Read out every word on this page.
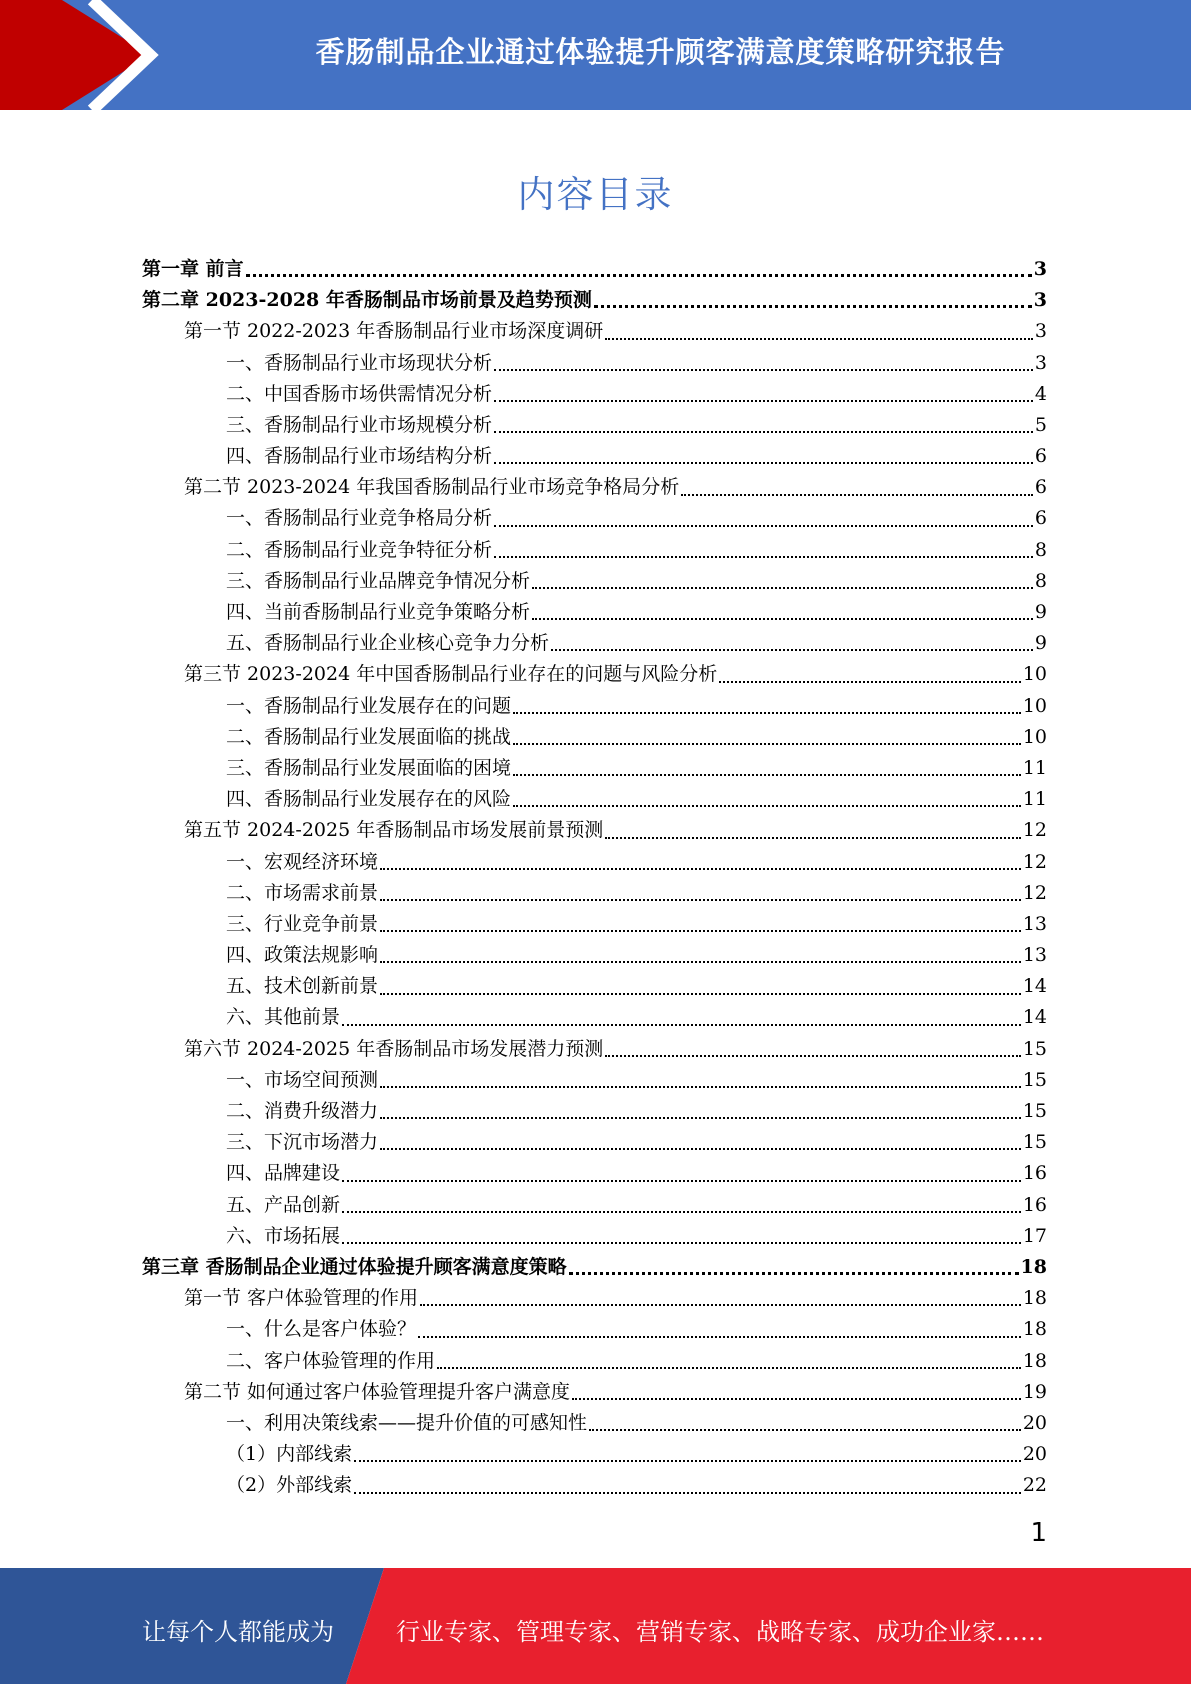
香肠制品企业通过体验提升顾客满意度策略研究报告
内容目录
第一章 前言	3
第二章 2023-2028 年香肠制品市场前景及趋势预测	3
第一节 2022-2023 年香肠制品行业市场深度调研	3
一、香肠制品行业市场现状分析	3
二、中国香肠市场供需情况分析	4
三、香肠制品行业市场规模分析	5
四、香肠制品行业市场结构分析	6
第二节 2023-2024 年我国香肠制品行业市场竞争格局分析	6
一、香肠制品行业竞争格局分析	6
二、香肠制品行业竞争特征分析	8
三、香肠制品行业品牌竞争情况分析	8
四、当前香肠制品行业竞争策略分析	9
五、香肠制品行业企业核心竞争力分析	9
第三节 2023-2024 年中国香肠制品行业存在的问题与风险分析	10
一、香肠制品行业发展存在的问题	10
二、香肠制品行业发展面临的挑战	10
三、香肠制品行业发展面临的困境	11
四、香肠制品行业发展存在的风险	11
第五节 2024-2025 年香肠制品市场发展前景预测	12
一、宏观经济环境	12
二、市场需求前景	12
三、行业竞争前景	13
四、政策法规影响	13
五、技术创新前景	14
六、其他前景	14
第六节 2024-2025 年香肠制品市场发展潜力预测	15
一、市场空间预测	15
二、消费升级潜力	15
三、下沉市场潜力	15
四、品牌建设	16
五、产品创新	16
六、市场拓展	17
第三章 香肠制品企业通过体验提升顾客满意度策略	18
第一节 客户体验管理的作用	18
一、什么是客户体验？	18
二、客户体验管理的作用	18
第二节 如何通过客户体验管理提升客户满意度	19
一、利用决策线索——提升价值的可感知性	20
（1）内部线索	20
（2）外部线索	22
1
让每个人都能成为	行业专家、管理专家、营销专家、战略专家、成功企业家……
